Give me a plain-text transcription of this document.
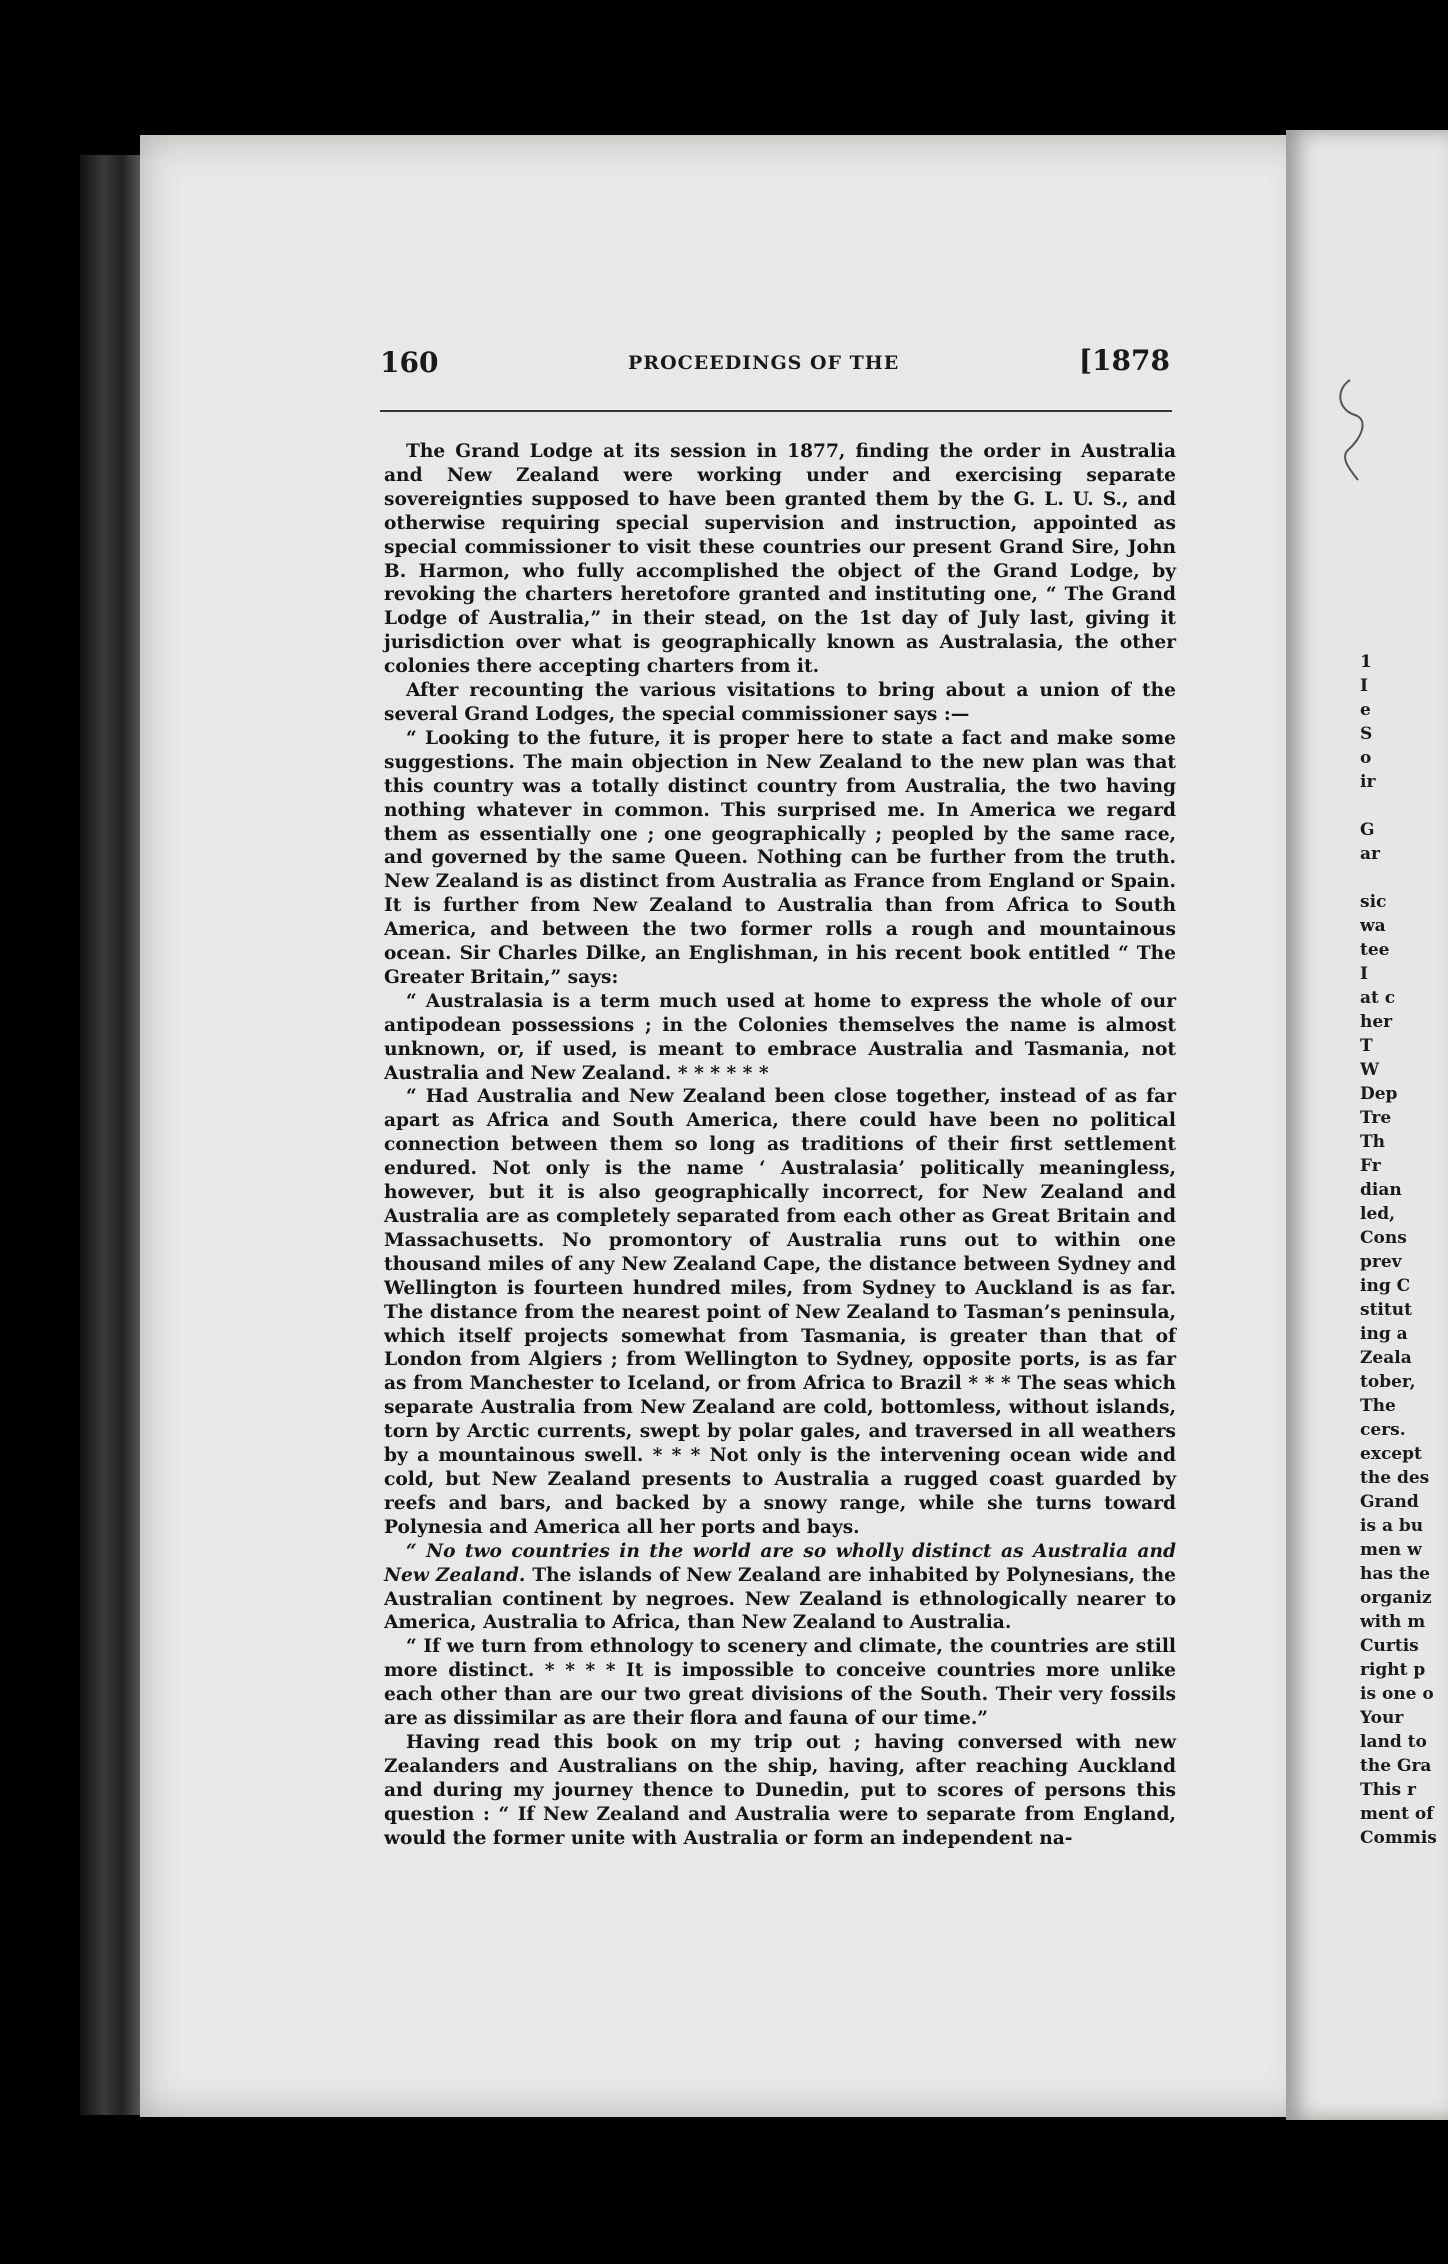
160	PROCEEDINGS OF THE	[1878

The Grand Lodge at its session in 1877, finding the order in Australia and New Zealand were working under and exercising separate sovereignties supposed to have been granted them by the G. L. U. S., and otherwise requiring special supervision and instruction, appointed as special commissioner to visit these countries our present Grand Sire, John B. Harmon, who fully accomplished the object of the Grand Lodge, by revoking the charters heretofore granted and instituting one, “ The Grand Lodge of Australia,” in their stead, on the 1st day of July last, giving it jurisdiction over what is geographically known as Australasia, the other colonies there accepting charters from it.

After recounting the various visitations to bring about a union of the several Grand Lodges, the special commissioner says :—

“ Looking to the future, it is proper here to state a fact and make some suggestions. The main objection in New Zealand to the new plan was that this country was a totally distinct country from Australia, the two having nothing whatever in common. This surprised me. In America we regard them as essentially one ; one geographically ; peopled by the same race, and governed by the same Queen. Nothing can be further from the truth. New Zealand is as distinct from Australia as France from England or Spain. It is further from New Zealand to Australia than from Africa to South America, and between the two former rolls a rough and mountainous ocean. Sir Charles Dilke, an Englishman, in his recent book entitled “ The Greater Britain,” says:

“ Australasia is a term much used at home to express the whole of our antipodean possessions ; in the Colonies themselves the name is almost unknown, or, if used, is meant to embrace Australia and Tasmania, not Australia and New Zealand. * * * * * *

“ Had Australia and New Zealand been close together, instead of as far apart as Africa and South America, there could have been no political connection between them so long as traditions of their first settlement endured. Not only is the name ‘ Australasia’ politically meaningless, however, but it is also geographically incorrect, for New Zealand and Australia are as completely separated from each other as Great Britain and Massachusetts. No promontory of Australia runs out to within one thousand miles of any New Zealand Cape, the distance between Sydney and Wellington is fourteen hundred miles, from Sydney to Auckland is as far. The distance from the nearest point of New Zealand to Tasman’s peninsula, which itself projects somewhat from Tasmania, is greater than that of London from Algiers ; from Wellington to Sydney, opposite ports, is as far as from Manchester to Iceland, or from Africa to Brazil * * * The seas which separate Australia from New Zealand are cold, bottomless, without islands, torn by Arctic currents, swept by polar gales, and traversed in all weathers by a mountainous swell. * * * Not only is the intervening ocean wide and cold, but New Zealand presents to Australia a rugged coast guarded by reefs and bars, and backed by a snowy range, while she turns toward Polynesia and America all her ports and bays.

“ No two countries in the world are so wholly distinct as Australia and New Zealand. The islands of New Zealand are inhabited by Polynesians, the Australian continent by negroes. New Zealand is ethnologically nearer to America, Australia to Africa, than New Zealand to Australia.

“ If we turn from ethnology to scenery and climate, the countries are still more distinct. * * * * It is impossible to conceive countries more unlike each other than are our two great divisions of the South. Their very fossils are as dissimilar as are their flora and fauna of our time.”

Having read this book on my trip out ; having conversed with new Zealanders and Australians on the ship, having, after reaching Auckland and during my journey thence to Dunedin, put to scores of persons this question : “ If New Zealand and Australia were to separate from England, would the former unite with Australia or form an independent na-

1
I
e
S
o
ir
G
ar
sic
wa
tee
I
at c
her
T
W
Dep
Tre
Th
Fr
dian
led,
Cons
prev
ing C
stitut
ing a
Zeala
tober,
The
cers.
except
the des
Grand
is a bu
men w
has the
organiz
with m
Curtis
right p
is one o
Your
land to
the Gra
This r
ment of
Commis
